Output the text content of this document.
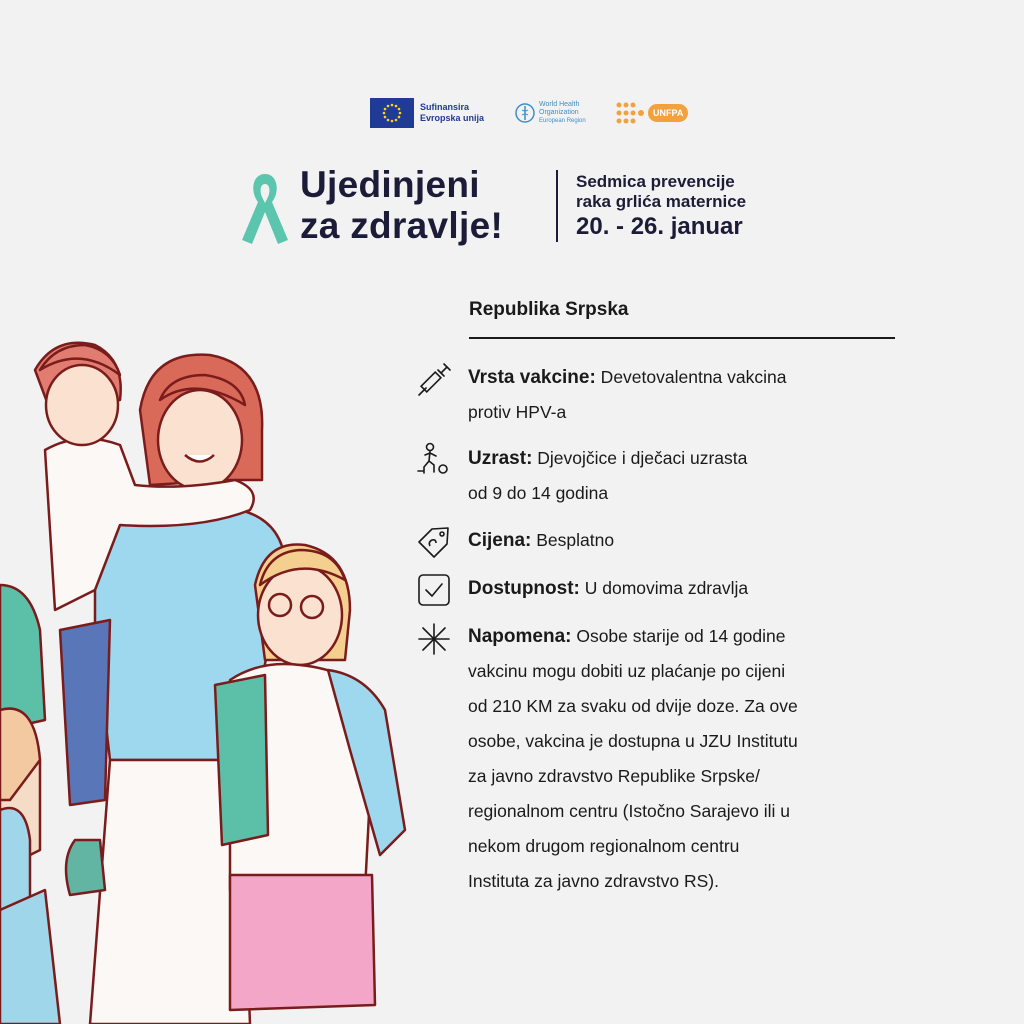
Sufinansira
Evropska unija
World Health
Organization
European Region
UNFPA
Ujedinjeni
za zdravlje!
Sedmica prevencije
raka grlića maternice
20. - 26. januar
Republika Srpska
Vrsta vakcine: Devetovalentna vakcina
protiv HPV-a
Uzrast: Djevojčice i dječaci uzrasta
od 9 do 14 godina
Cijena: Besplatno
Dostupnost: U domovima zdravlja
Napomena: Osobe starije od 14 godine
vakcinu mogu dobiti uz plaćanje po cijeni
od 210 KM za svaku od dvije doze. Za ove
osobe, vakcina je dostupna u JZU Institutu
za javno zdravstvo Republike Srpske/
regionalnom centru (Istočno Sarajevo ili u
nekom drugom regionalnom centru
Instituta za javno zdravstvo RS).
